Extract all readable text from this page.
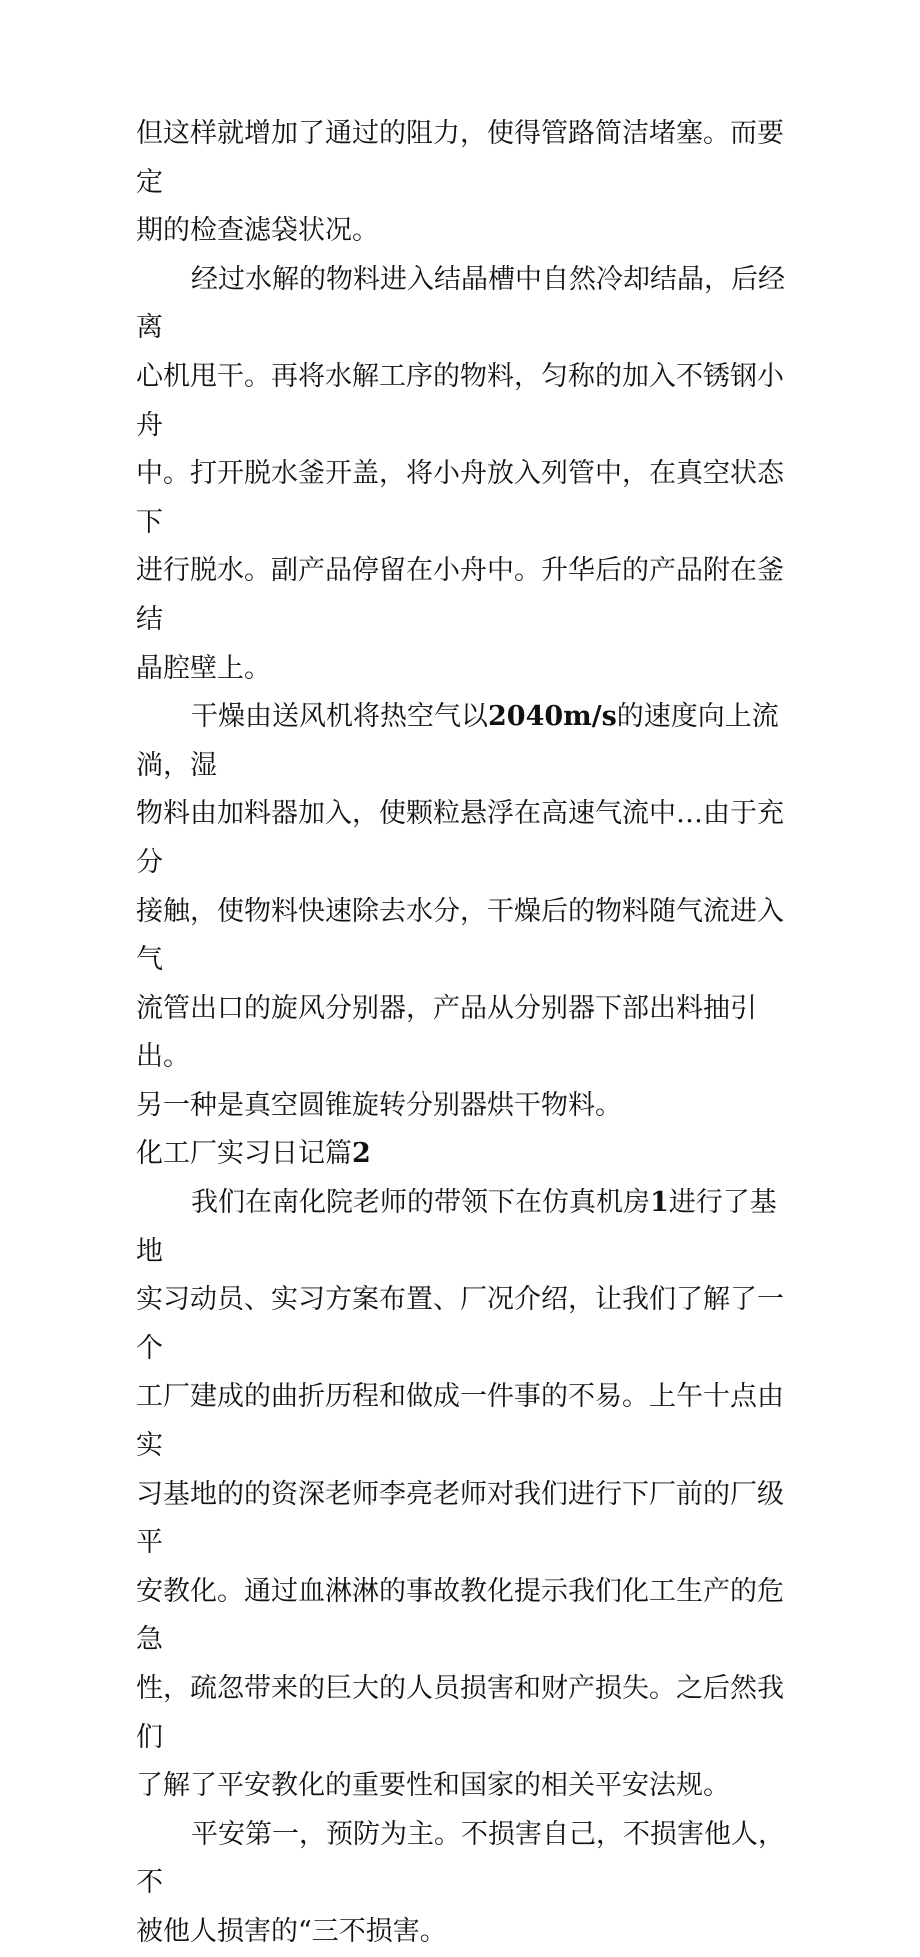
但这样就增加了通过的阻力，使得管路简洁堵塞。而要定
期的检查滤袋状况。

经过水解的物料进入结晶槽中自然冷却结晶，后经离
心机甩干。再将水解工序的物料，匀称的加入不锈钢小舟
中。打开脱水釜开盖，将小舟放入列管中，在真空状态下
进行脱水。副产品停留在小舟中。升华后的产品附在釜结
晶腔壁上。

干燥由送风机将热空气以2040m/s的速度向上流淌，湿
物料由加料器加入，使颗粒悬浮在高速气流中…由于充分
接触，使物料快速除去水分，干燥后的物料随气流进入气
流管出口的旋风分别器，产品从分别器下部出料抽引出。
另一种是真空圆锥旋转分别器烘干物料。

化工厂实习日记篇2

我们在南化院老师的带领下在仿真机房1进行了基地
实习动员、实习方案布置、厂况介绍，让我们了解了一个
工厂建成的曲折历程和做成一件事的不易。上午十点由实
习基地的的资深老师李亮老师对我们进行下厂前的厂级平
安教化。通过血淋淋的事故教化提示我们化工生产的危急
性，疏忽带来的巨大的人员损害和财产损失。之后然我们
了解了平安教化的重要性和国家的相关平安法规。

平安第一，预防为主。不损害自己，不损害他人，不
被他人损害的“三不损害。
